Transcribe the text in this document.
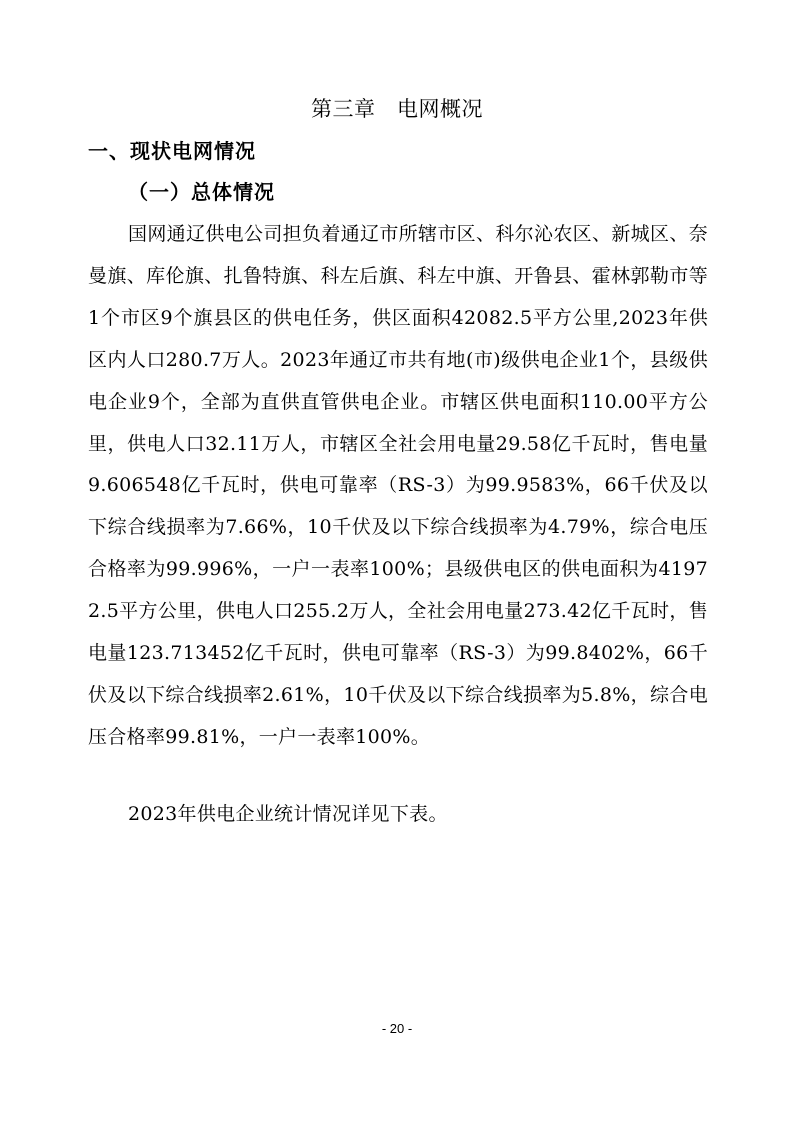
第三章　电网概况
一、现状电网情况
（一）总体情况

国网通辽供电公司担负着通辽市所辖市区、科尔沁农区、新城区、奈曼旗、库伦旗、扎鲁特旗、科左后旗、科左中旗、开鲁县、霍林郭勒市等1个市区9个旗县区的供电任务，供区面积42082.5平方公里,2023年供区内人口280.7万人。2023年通辽市共有地(市)级供电企业1个，县级供电企业9个，全部为直供直管供电企业。市辖区供电面积110.00平方公里，供电人口32.11万人，市辖区全社会用电量29.58亿千瓦时，售电量9.606548亿千瓦时，供电可靠率（RS-3）为99.9583%，66千伏及以下综合线损率为7.66%，10千伏及以下综合线损率为4.79%，综合电压合格率为99.996%，一户一表率100%；县级供电区的供电面积为41972.5平方公里，供电人口255.2万人，全社会用电量273.42亿千瓦时，售电量123.713452亿千瓦时，供电可靠率（RS-3）为99.8402%，66千伏及以下综合线损率2.61%，10千伏及以下综合线损率为5.8%，综合电压合格率99.81%，一户一表率100%。

2023年供电企业统计情况详见下表。

- 20 -
